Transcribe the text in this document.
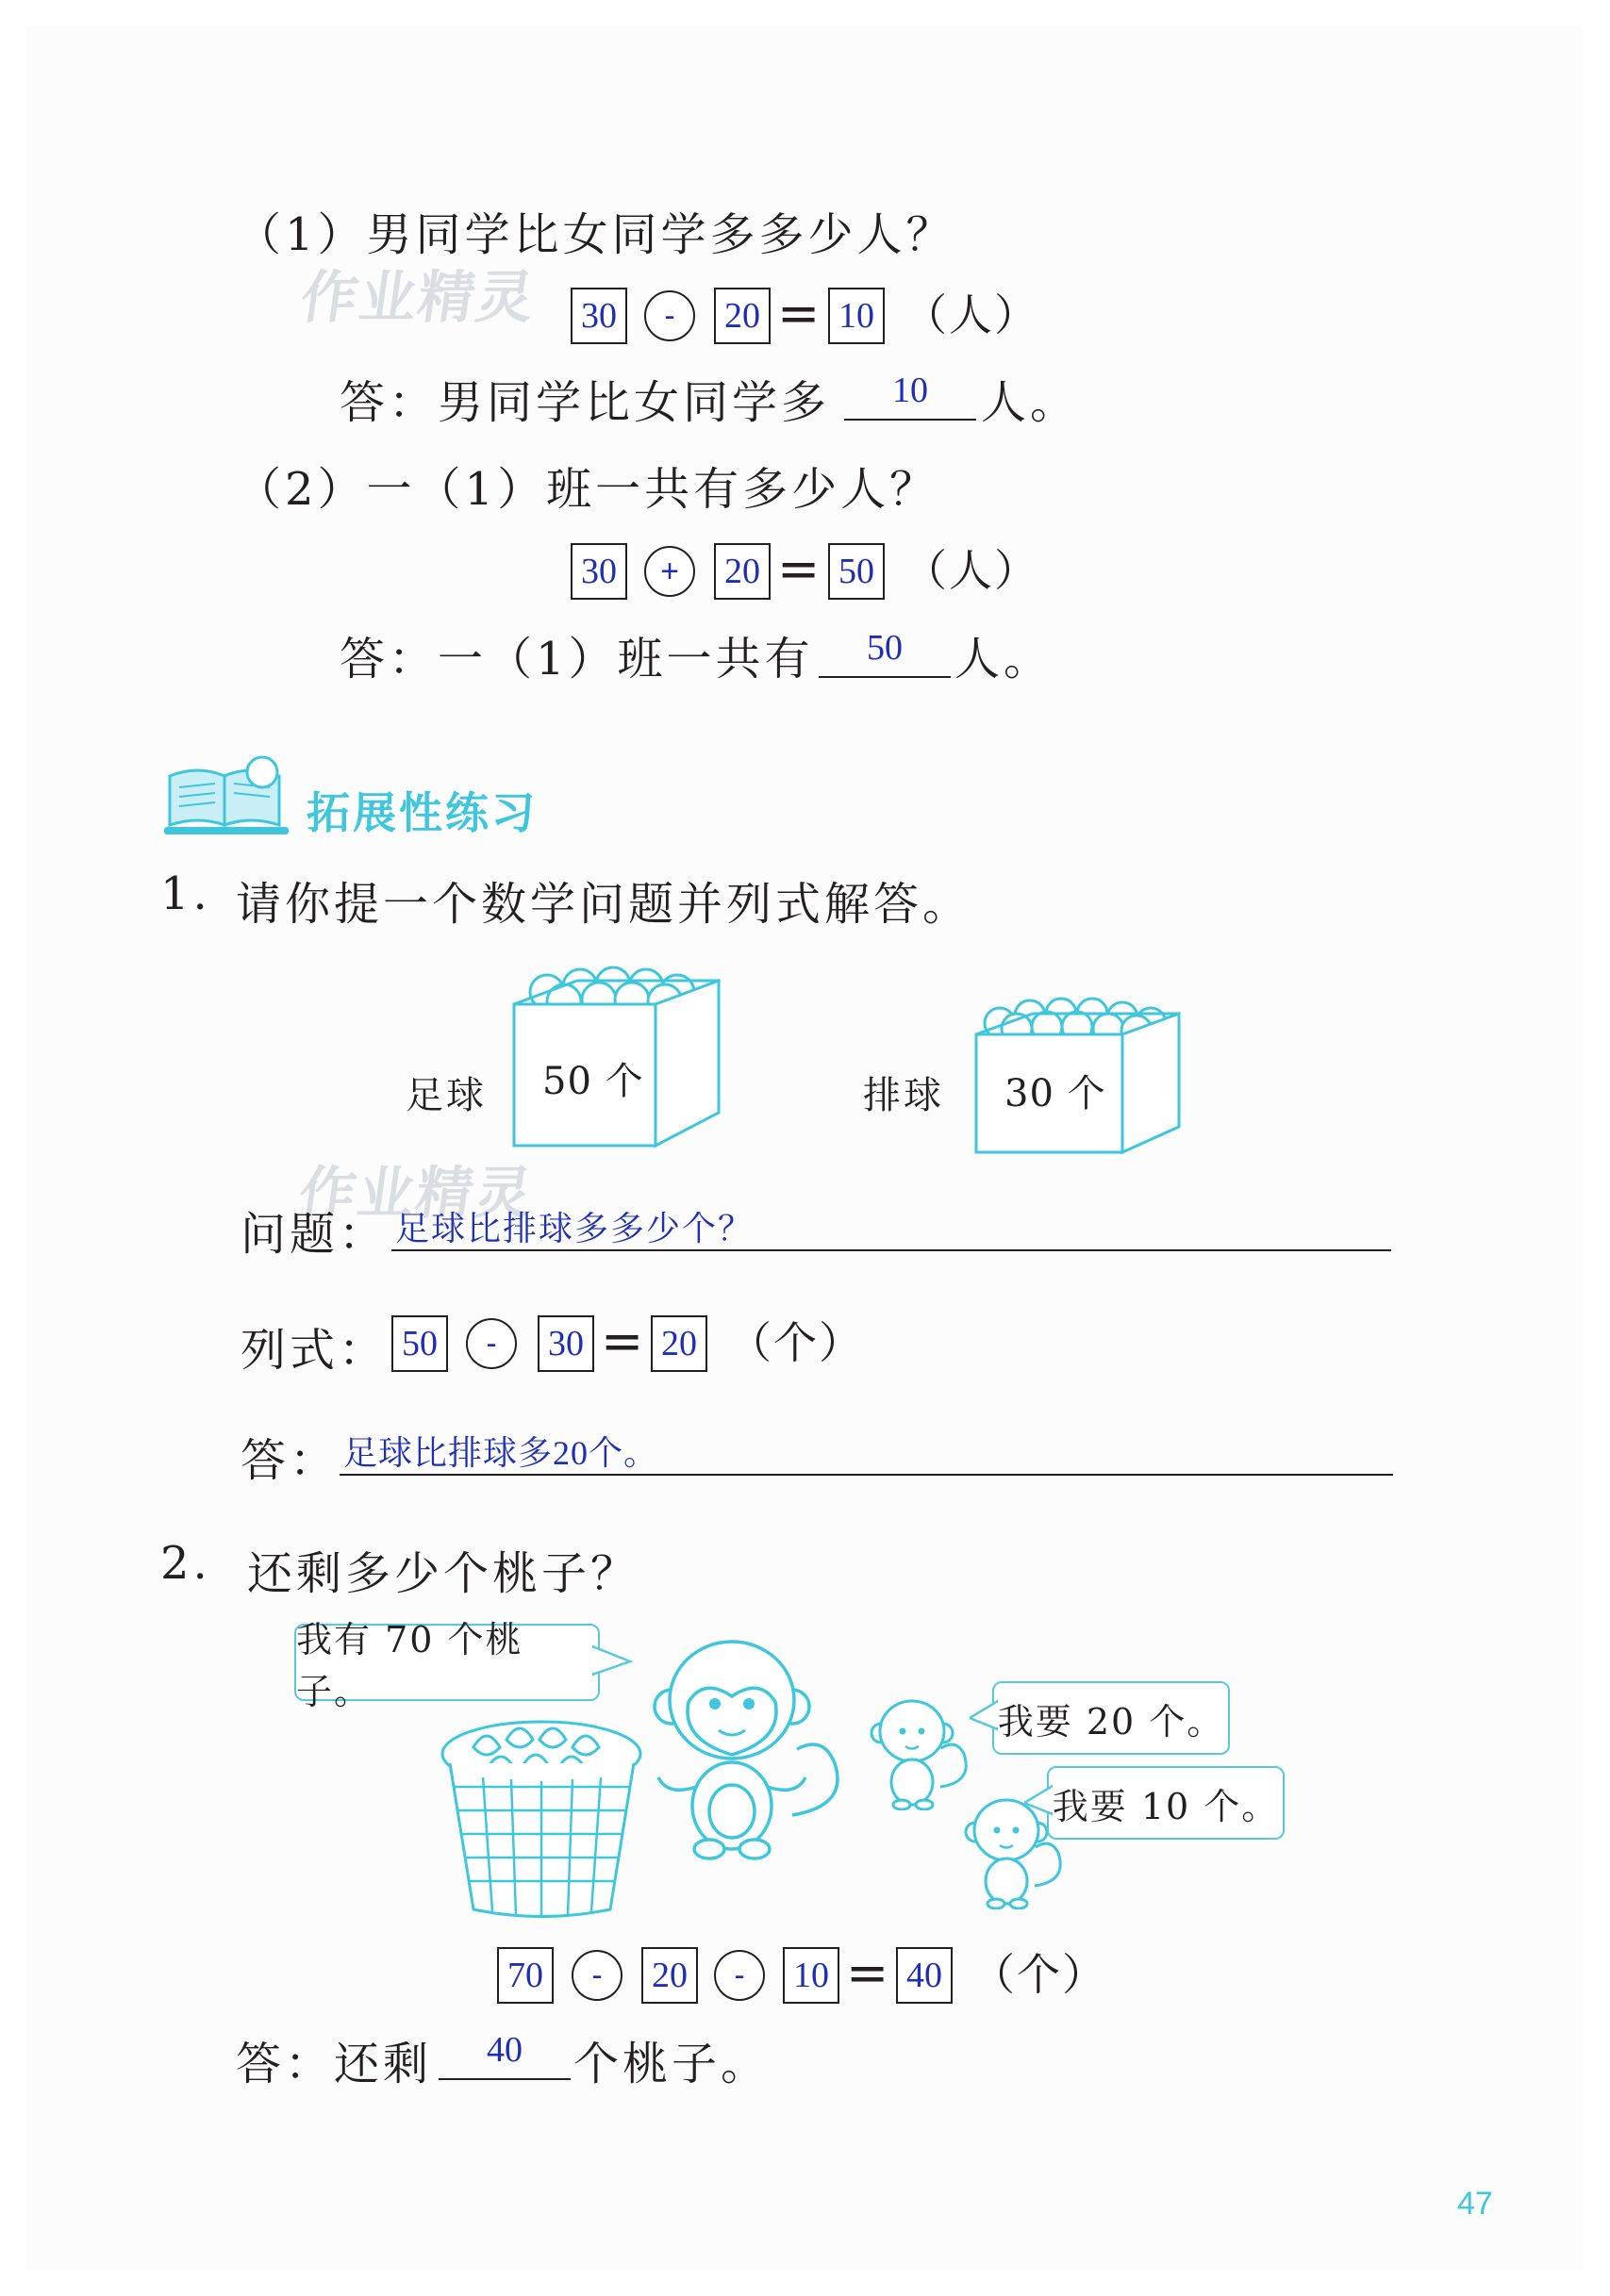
（1）男同学比女同学多多少人？
作业精灵 30 - 20 = 10 （人）
答：男同学比女同学多	10	人。
（2）一（1）班一共有多少人？
30 + 20 = 50 （人）
答：一（1）班一共有	50	人。
拓展性练习
1. 请你提一个数学问题并列式解答。
足球 50 个	排球 30 个
作业精灵
问题： 足球比排球多多少个？
列式： 50 - 30 = 20 （个）
答： 足球比排球多20个。
2. 还剩多少个桃子？
我有 70 个桃子。
我要 20 个。
我要 10 个。
70 - 20 - 10 = 40 （个）
答：还剩	40	个桃子。
47
